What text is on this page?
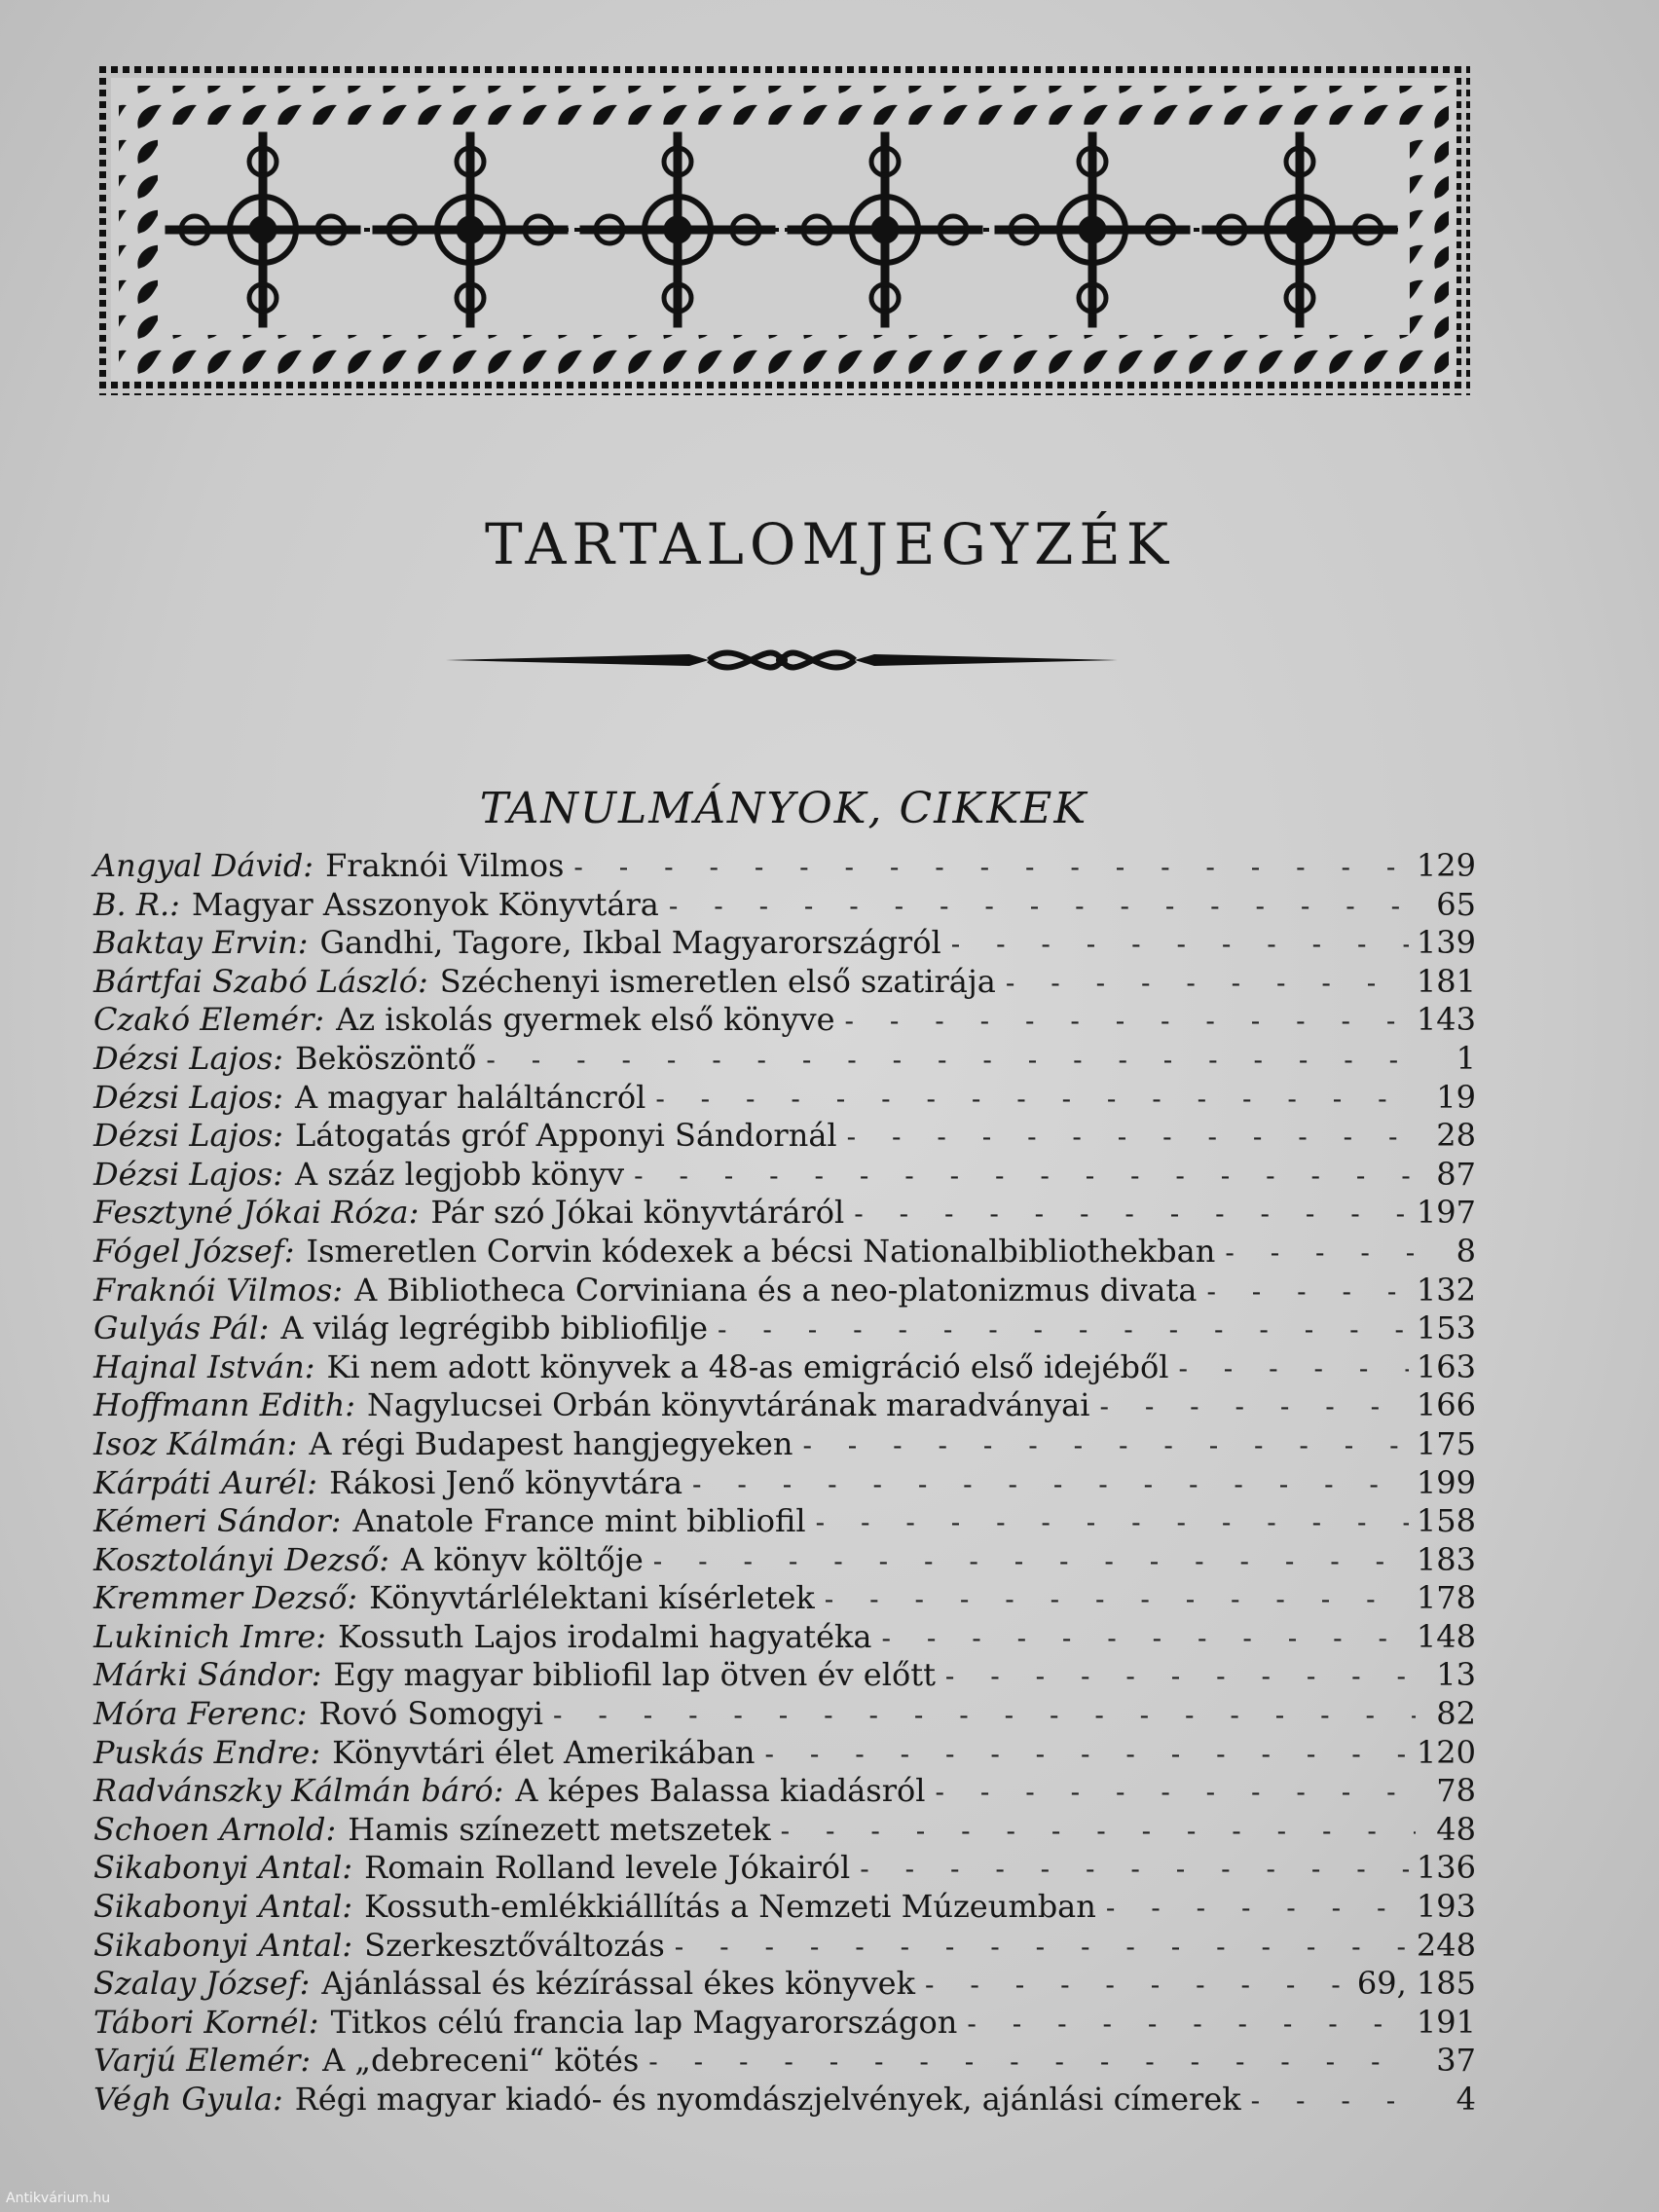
TARTALOMJEGYZÉK
TANULMÁNYOK, CIKKEK
Angyal Dávid : Fraknói Vilmos - - -	129
B. R. : Magyar Asszonyok Könyvtára - - -	65
Baktay Ervin : Gandhi, Tagore, Ikbal Magyarországról - - -	139
Bártfai Szabó László : Széchenyi ismeretlen első szatirája - - -	181
Czakó Elemér : Az iskolás gyermek első könyve - - -	143
Dézsi Lajos : Beköszöntő - - -	1
Dézsi Lajos : A magyar haláltáncról - - -	19
Dézsi Lajos : Látogatás gróf Apponyi Sándornál - - -	28
Dézsi Lajos : A száz legjobb könyv - - -	87
Fesztyné Jókai Róza : Pár szó Jókai könyvtáráról - - -	197
Fógel József : Ismeretlen Corvin kódexek a bécsi Nationalbibliothekban - - -	8
Fraknói Vilmos : A Bibliotheca Corviniana és a neo-platonizmus divata - - -	132
Gulyás Pál : A világ legrégibb bibliofilje - - -	153
Hajnal István : Ki nem adott könyvek a 48-as emigráció első idejéből - - -	163
Hoffmann Edith : Nagylucsei Orbán könyvtárának maradványai - - -	166
Isoz Kálmán : A régi Budapest hangjegyeken - - -	175
Kárpáti Aurél : Rákosi Jenő könyvtára - - -	199
Kémeri Sándor : Anatole France mint bibliofil - - -	158
Kosztolányi Dezső : A könyv költője - - -	183
Kremmer Dezső : Könyvtárlélektani kísérletek - - -	178
Lukinich Imre : Kossuth Lajos irodalmi hagyatéka - - -	148
Márki Sándor : Egy magyar bibliofil lap ötven év előtt - - -	13
Móra Ferenc : Rovó Somogyi - - -	82
Puskás Endre : Könyvtári élet Amerikában - - -	120
Radvánszky Kálmán báró : A képes Balassa kiadásról - - -	78
Schoen Arnold : Hamis színezett metszetek - - -	48
Sikabonyi Antal : Romain Rolland levele Jókairól - - -	136
Sikabonyi Antal : Kossuth-emlékkiállítás a Nemzeti Múzeumban - - -	193
Sikabonyi Antal : Szerkesztőváltozás - - -	248
Szalay József : Ajánlással és kézírással ékes könyvek - - -	69, 185
Tábori Kornél : Titkos célú francia lap Magyarországon - - -	191
Varjú Elemér : A „debreceni“ kötés - - -	37
Végh Gyula : Régi magyar kiadó- és nyomdászjelvények, ajánlási címerek - - -	4
Antikvárium.hu
